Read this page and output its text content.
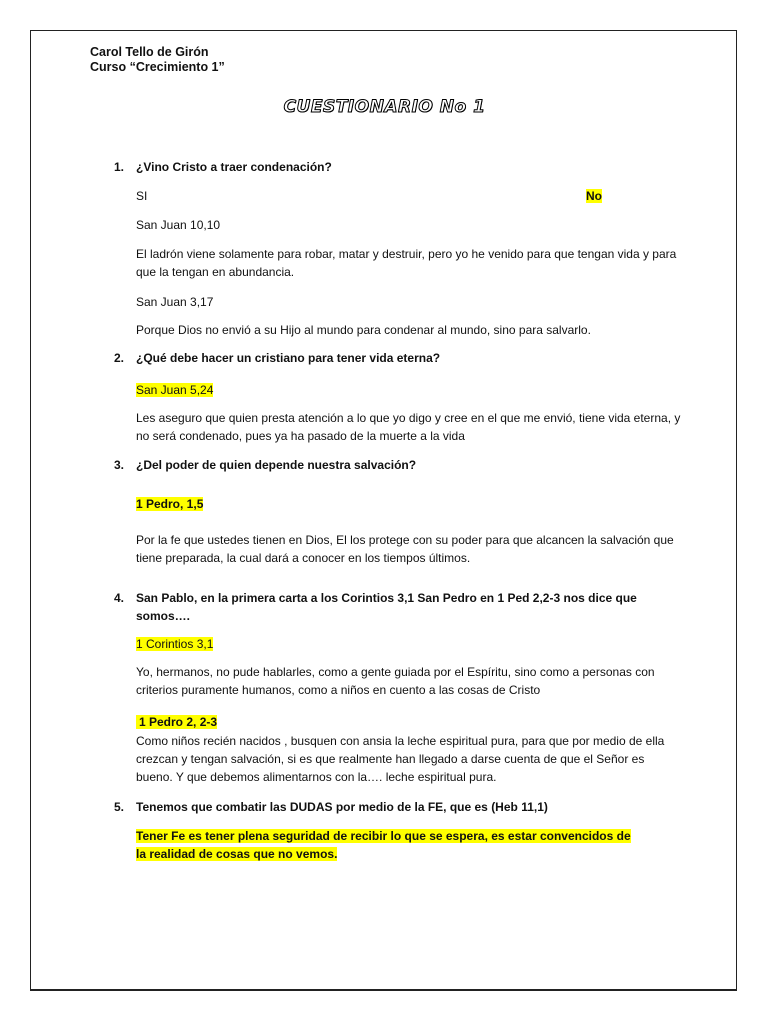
Carol Tello de Girón
Curso “Crecimiento 1”
CUESTIONARIO No 1
1. ¿Vino Cristo a traer condenación?
SI	No
San Juan 10,10
El ladrón viene solamente para robar, matar y destruir, pero yo he venido para que tengan vida y para que la tengan en abundancia.
San Juan 3,17
Porque Dios no envió a su Hijo al mundo para condenar al mundo, sino para salvarlo.
2. ¿Qué debe hacer un cristiano para tener vida eterna?
San Juan 5,24
Les aseguro que quien presta atención a lo que yo digo y cree en el que me envió, tiene vida eterna, y no será condenado, pues ya ha pasado de la muerte a la vida
3. ¿Del poder de quien depende nuestra salvación?
1 Pedro, 1,5
Por la fe que ustedes tienen en Dios, El los protege con su poder para que alcancen la salvación que tiene preparada, la cual dará a conocer en los tiempos últimos.
4. San Pablo, en la primera carta a los Corintios 3,1 San Pedro en 1 Ped 2,2-3 nos dice que somos….
1 Corintios 3,1
Yo, hermanos, no pude hablarles, como a gente guiada por el Espíritu, sino como a personas con criterios puramente humanos, como a niños en cuento a las cosas de Cristo
1 Pedro 2, 2-3
Como niños recién nacidos , busquen con ansia la leche espiritual pura, para que por medio de ella crezcan y tengan salvación, si es que realmente han llegado a darse cuenta de que el Señor es bueno. Y que debemos alimentarnos con la…. leche espiritual pura.
5. Tenemos que combatir las DUDAS por medio de la FE, que es (Heb 11,1)
Tener Fe es tener plena seguridad de recibir lo que se espera, es estar convencidos de la realidad de cosas que no vemos.
